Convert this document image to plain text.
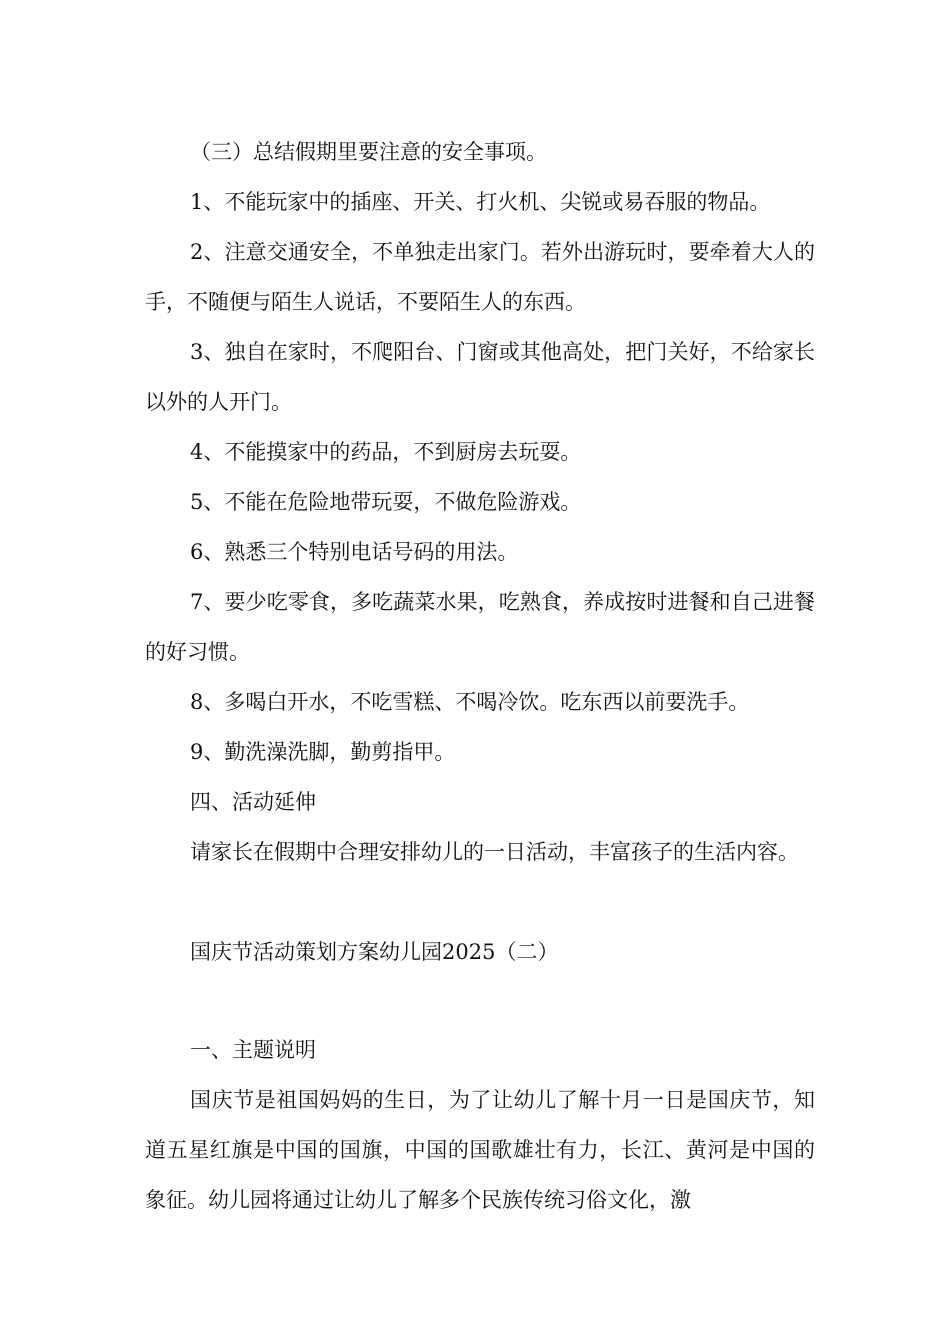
（三）总结假期里要注意的安全事项。

1、不能玩家中的插座、开关、打火机、尖锐或易吞服的物品。

2、注意交通安全，不单独走出家门。若外出游玩时，要牵着大人的手，不随便与陌生人说话，不要陌生人的东西。

3、独自在家时，不爬阳台、门窗或其他高处，把门关好，不给家长以外的人开门。

4、不能摸家中的药品，不到厨房去玩耍。

5、不能在危险地带玩耍，不做危险游戏。

6、熟悉三个特别电话号码的用法。

7、要少吃零食，多吃蔬菜水果，吃熟食，养成按时进餐和自己进餐的好习惯。

8、多喝白开水，不吃雪糕、不喝冷饮。吃东西以前要洗手。

9、勤洗澡洗脚，勤剪指甲。

四、活动延伸

请家长在假期中合理安排幼儿的一日活动，丰富孩子的生活内容。

国庆节活动策划方案幼儿园2025（二）

一、主题说明

国庆节是祖国妈妈的生日，为了让幼儿了解十月一日是国庆节，知道五星红旗是中国的国旗，中国的国歌雄壮有力，长江、黄河是中国的象征。幼儿园将通过让幼儿了解多个民族传统习俗文化，激
